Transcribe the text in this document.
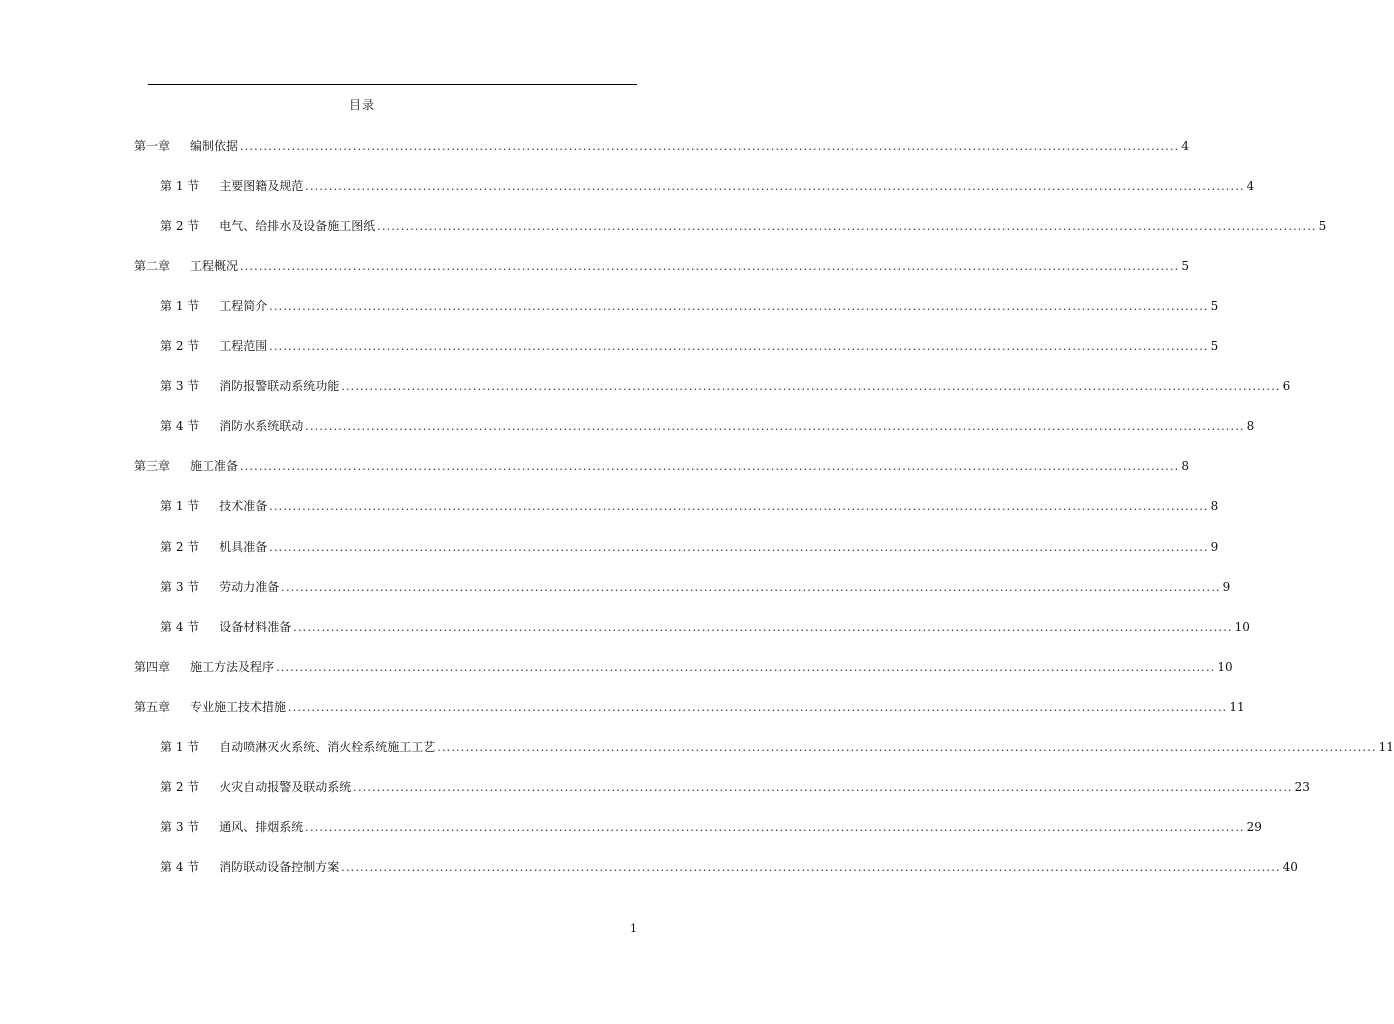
目录
第一章 编制依据 ........................................................................................................................................................................................................ 4
第 1 节 主要图籍及规范 ........................................................................................................................................................................................................ 4
第 2 节 电气、给排水及设备施工图纸 ........................................................................................................................................................................................................ 5
第二章 工程概况 ........................................................................................................................................................................................................ 5
第 1 节 工程简介 ........................................................................................................................................................................................................ 5
第 2 节 工程范围 ........................................................................................................................................................................................................ 5
第 3 节 消防报警联动系统功能 ........................................................................................................................................................................................................ 6
第 4 节 消防水系统联动 ........................................................................................................................................................................................................ 8
第三章 施工准备 ........................................................................................................................................................................................................ 8
第 1 节 技术准备 ........................................................................................................................................................................................................ 8
第 2 节 机具准备 ........................................................................................................................................................................................................ 9
第 3 节 劳动力准备 ........................................................................................................................................................................................................ 9
第 4 节 设备材料准备 ........................................................................................................................................................................................................ 10
第四章 施工方法及程序 ........................................................................................................................................................................................................ 10
第五章 专业施工技术措施 ........................................................................................................................................................................................................ 11
第 1 节 自动喷淋灭火系统、消火栓系统施工工艺 ........................................................................................................................................................................................................ 11
第 2 节 火灾自动报警及联动系统 ........................................................................................................................................................................................................ 23
第 3 节 通风、排烟系统 ........................................................................................................................................................................................................ 29
第 4 节 消防联动设备控制方案 ........................................................................................................................................................................................................ 40
1
